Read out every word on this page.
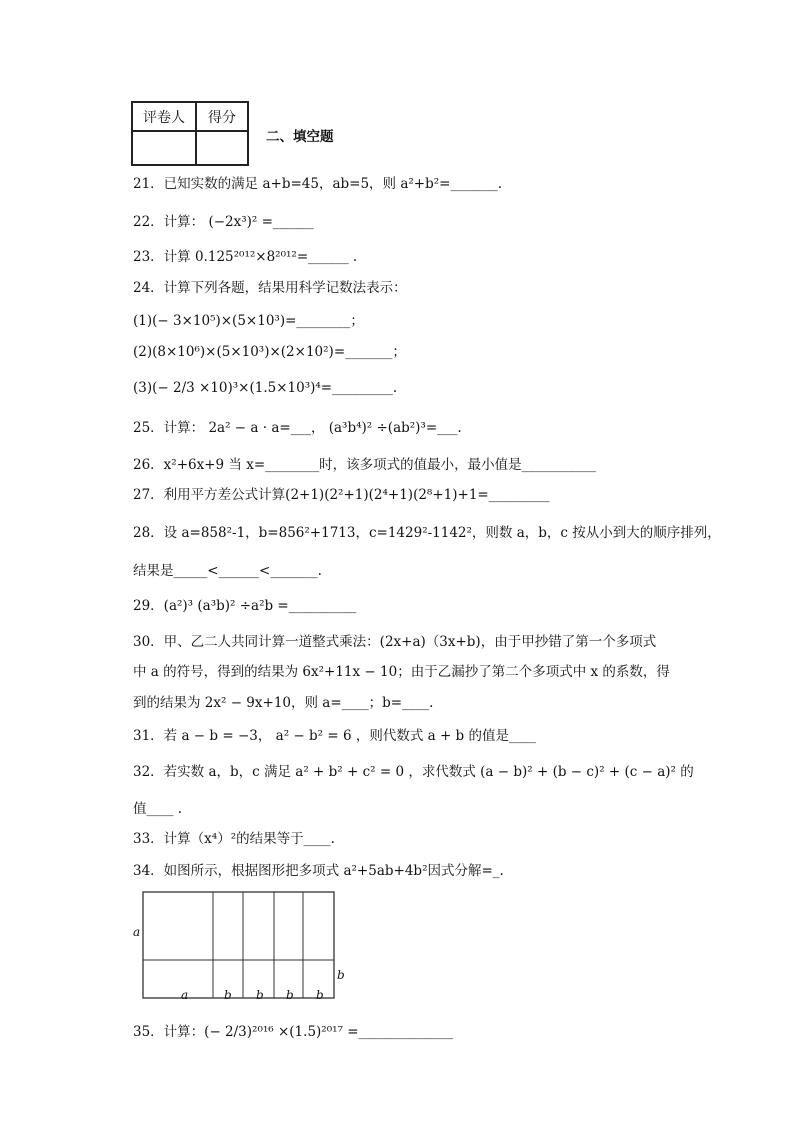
评卷人	得分

二、填空题
21．已知实数的满足 a+b=45，ab=5，则 a²+b²=_______.
22．计算： (−2x³)² =______
23．计算 0.125²⁰¹²×8²⁰¹²=______ .
24．计算下列各题，结果用科学记数法表示：
(1)(− 3×10⁵)×(5×10³)=________；
(2)(8×10⁶)×(5×10³)×(2×10²)=_______；
(3)(− 2/3 ×10)³×(1.5×10³)⁴=_________.
25．计算： 2a² − a · a=___， (a³b⁴)² ÷(ab²)³=___.
26．x²+6x+9 当 x=________时，该多项式的值最小，最小值是___________
27．利用平方差公式计算(2+1)(2²+1)(2⁴+1)(2⁸+1)+1=_________
28．设 a=858²-1，b=856²+1713，c=1429²-1142²，则数 a，b，c 按从小到大的顺序排列，
结果是_____<______<_______.
29．(a²)³ (a³b)² ÷a²b =__________
30．甲、乙二人共同计算一道整式乘法：(2x+a)（3x+b)，由于甲抄错了第一个多项式
中 a 的符号，得到的结果为 6x²+11x − 10；由于乙漏抄了第二个多项式中 x 的系数，得
到的结果为 2x² − 9x+10，则 a=____；b=____.
31．若 a − b = −3， a² − b² = 6 ，则代数式 a + b 的值是____
32．若实数 a，b，c 满足 a² + b² + c² = 0 ，求代数式 (a − b)² + (b − c)² + (c − a)² 的
值____ .
33．计算（x⁴）²的结果等于____.
34．如图所示，根据图形把多项式 a²+5ab+4b²因式分解=_.
a
b
a	b b b b
35．计算：(− 2/3)²⁰¹⁶ ×(1.5)²⁰¹⁷ =______________
